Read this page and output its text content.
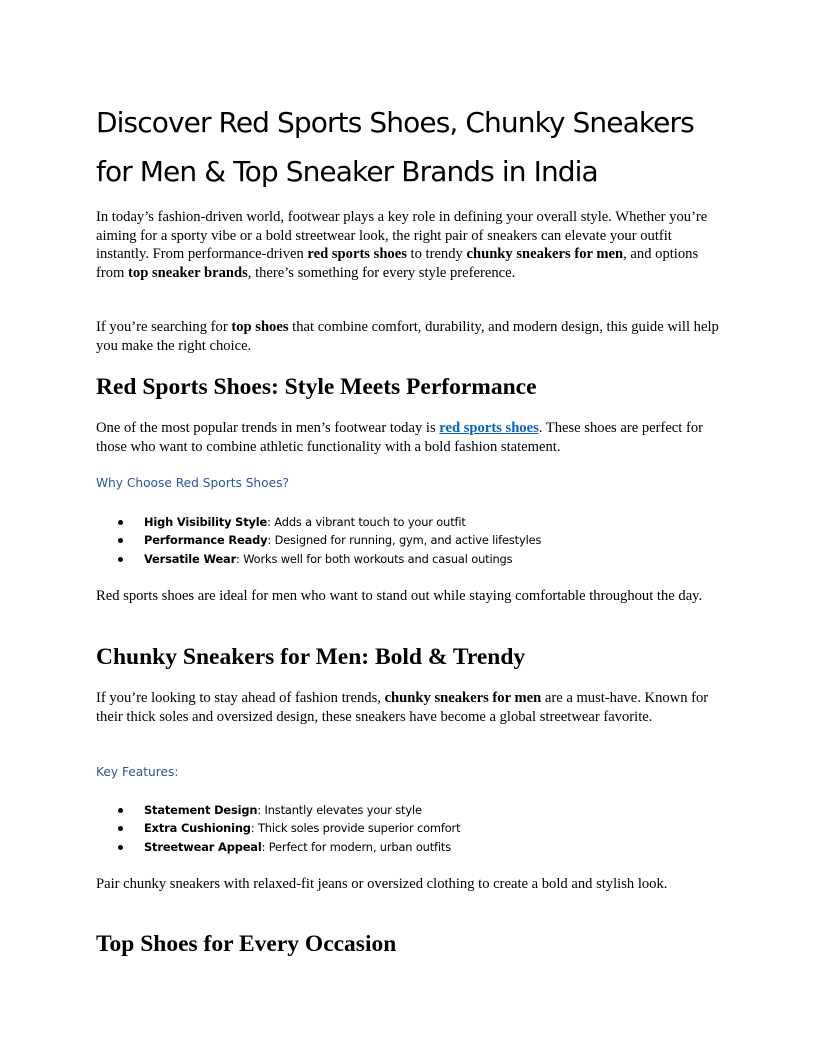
Discover Red Sports Shoes, Chunky Sneakers for Men & Top Sneaker Brands in India

In today’s fashion-driven world, footwear plays a key role in defining your overall style. Whether you’re aiming for a sporty vibe or a bold streetwear look, the right pair of sneakers can elevate your outfit instantly. From performance-driven red sports shoes to trendy chunky sneakers for men, and options from top sneaker brands, there’s something for every style preference.

If you’re searching for top shoes that combine comfort, durability, and modern design, this guide will help you make the right choice.

Red Sports Shoes: Style Meets Performance

One of the most popular trends in men’s footwear today is red sports shoes. These shoes are perfect for those who want to combine athletic functionality with a bold fashion statement.

Why Choose Red Sports Shoes?
High Visibility Style: Adds a vibrant touch to your outfit
Performance Ready: Designed for running, gym, and active lifestyles
Versatile Wear: Works well for both workouts and casual outings

Red sports shoes are ideal for men who want to stand out while staying comfortable throughout the day.

Chunky Sneakers for Men: Bold & Trendy

If you’re looking to stay ahead of fashion trends, chunky sneakers for men are a must-have. Known for their thick soles and oversized design, these sneakers have become a global streetwear favorite.

Key Features:
Statement Design: Instantly elevates your style
Extra Cushioning: Thick soles provide superior comfort
Streetwear Appeal: Perfect for modern, urban outfits

Pair chunky sneakers with relaxed-fit jeans or oversized clothing to create a bold and stylish look.

Top Shoes for Every Occasion
